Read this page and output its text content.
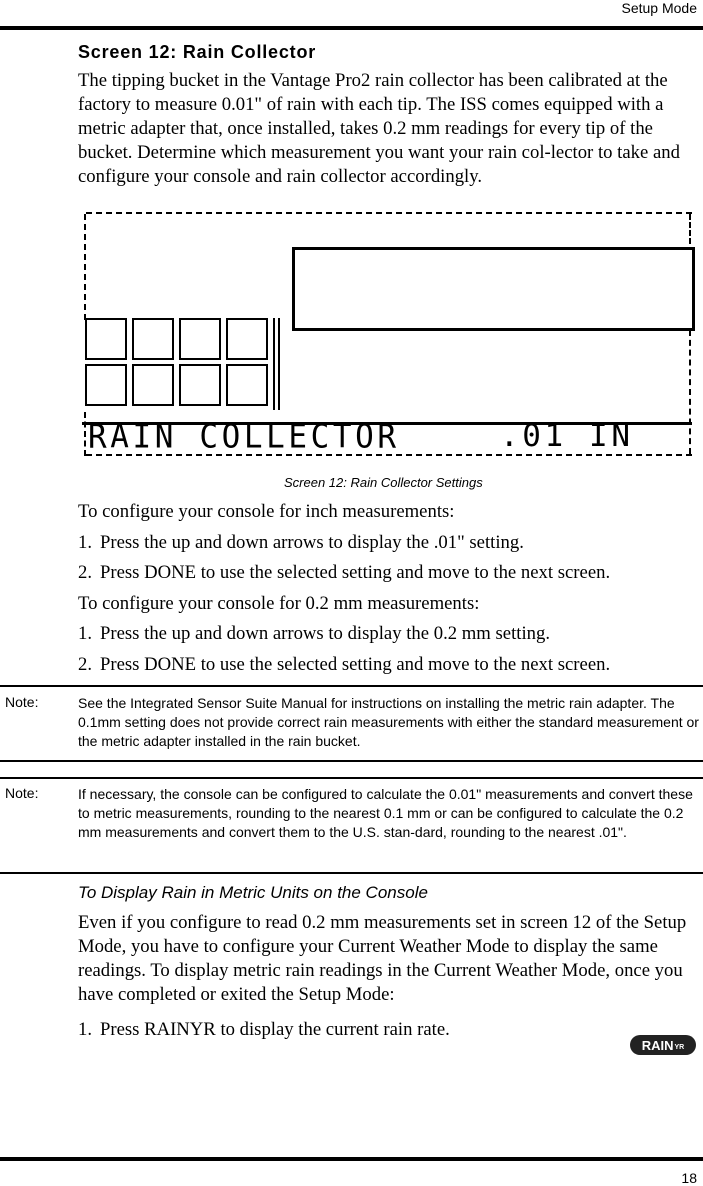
Setup Mode
Screen 12: Rain Collector
The tipping bucket in the Vantage Pro2 rain collector has been calibrated at the factory to measure 0.01" of rain with each tip. The ISS comes equipped with a metric adapter that, once installed, takes 0.2 mm readings for every tip of the bucket. Determine which measurement you want your rain col-lector to take and configure your console and rain collector accordingly.
RAIN COLLECTOR	.01 IN
Screen 12: Rain Collector Settings
To configure your console for inch measurements:
1. Press the up and down arrows to display the .01" setting.
2. Press DONE to use the selected setting and move to the next screen.
To configure your console for 0.2 mm measurements:
1. Press the up and down arrows to display the 0.2 mm setting.
2. Press DONE to use the selected setting and move to the next screen.
Note:	See the Integrated Sensor Suite Manual for instructions on installing the metric rain adapter. The 0.1mm setting does not provide correct rain measurements with either the standard measurement or the metric adapter installed in the rain bucket.
Note:	If necessary, the console can be configured to calculate the 0.01" measurements and convert these to metric measurements, rounding to the nearest 0.1 mm or can be configured to calculate the 0.2 mm measurements and convert them to the U.S. stan-dard, rounding to the nearest .01".
To Display Rain in Metric Units on the Console
Even if you configure to read 0.2 mm measurements set in screen 12 of the Setup Mode, you have to configure your Current Weather Mode to display the same readings. To display metric rain readings in the Current Weather Mode, once you have completed or exited the Setup Mode:
1. Press RAINYR to display the current rain rate.
RAIN YR
18
